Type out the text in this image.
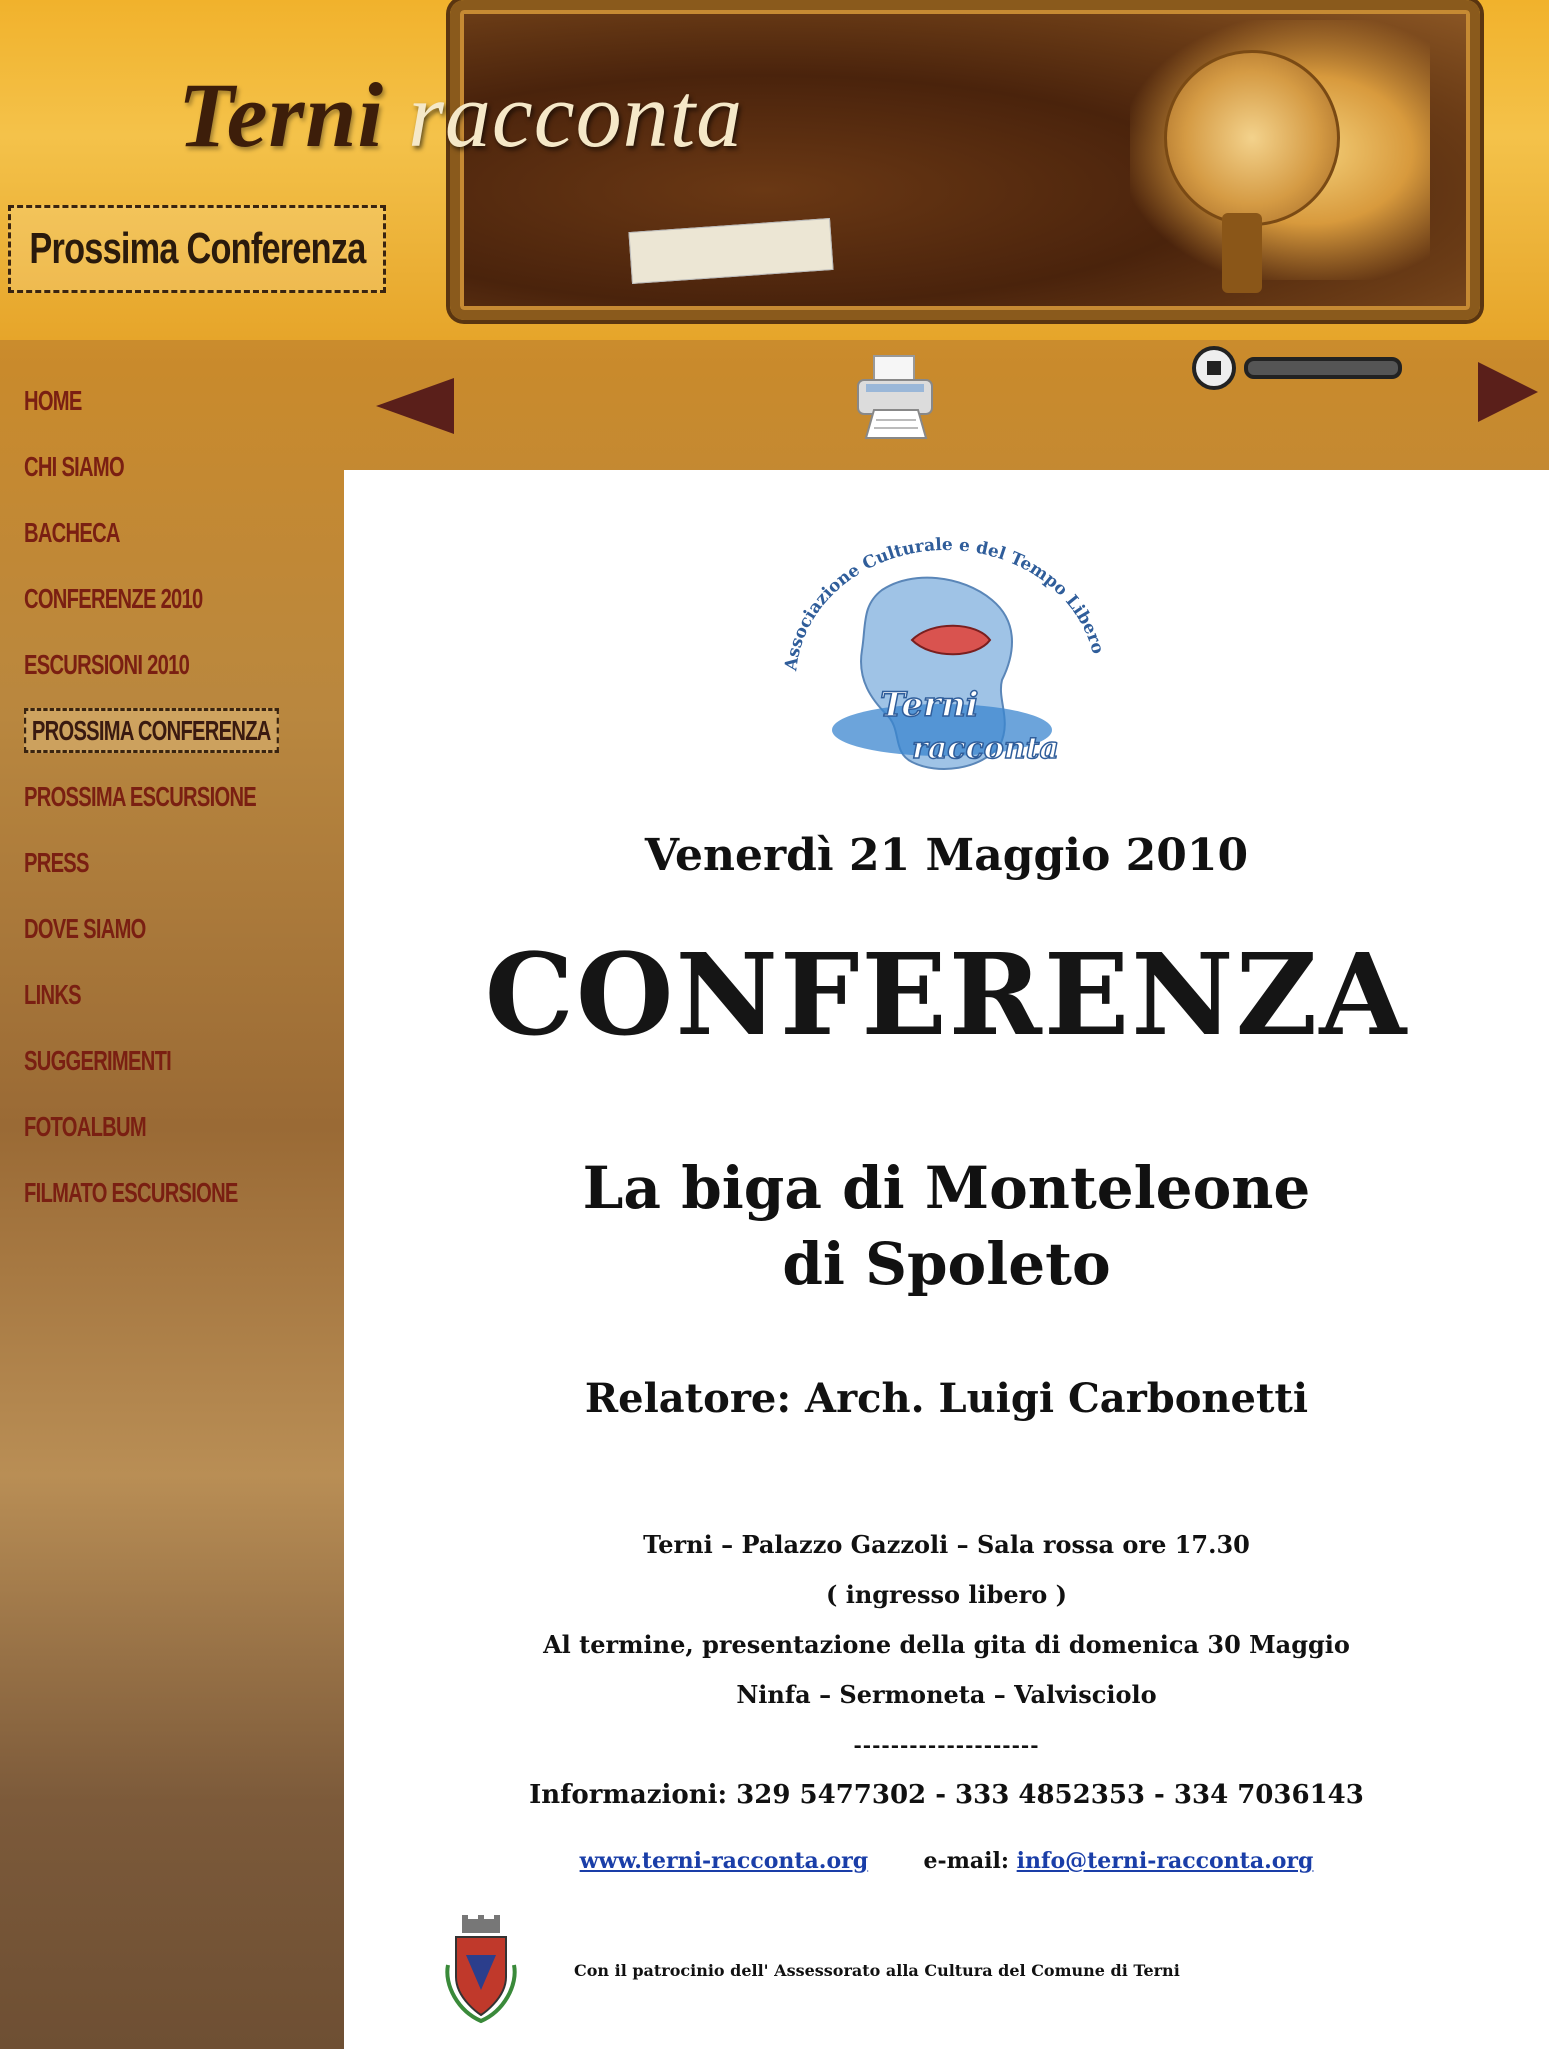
Terni racconta
Prossima Conferenza
HOME
CHI SIAMO
BACHECA
CONFERENZE 2010
ESCURSIONI 2010
PROSSIMA CONFERENZA
PROSSIMA ESCURSIONE
PRESS
DOVE SIAMO
LINKS
SUGGERIMENTI
FOTOALBUM
FILMATO ESCURSIONE
Associazione Culturale e del Tempo Libero
Terni
racconta
Venerdì 21 Maggio 2010
CONFERENZA
La biga di Monteleone
di Spoleto
Relatore: Arch. Luigi Carbonetti
Terni – Palazzo Gazzoli – Sala rossa ore 17.30
( ingresso libero )
Al termine, presentazione della gita di domenica 30 Maggio
Ninfa – Sermoneta – Valvisciolo
--------------------
Informazioni: 329 5477302 - 333 4852353 - 334 7036143
www.terni-racconta.org	e-mail: info@terni-racconta.org
Con il patrocinio dell' Assessorato alla Cultura del Comune di Terni
